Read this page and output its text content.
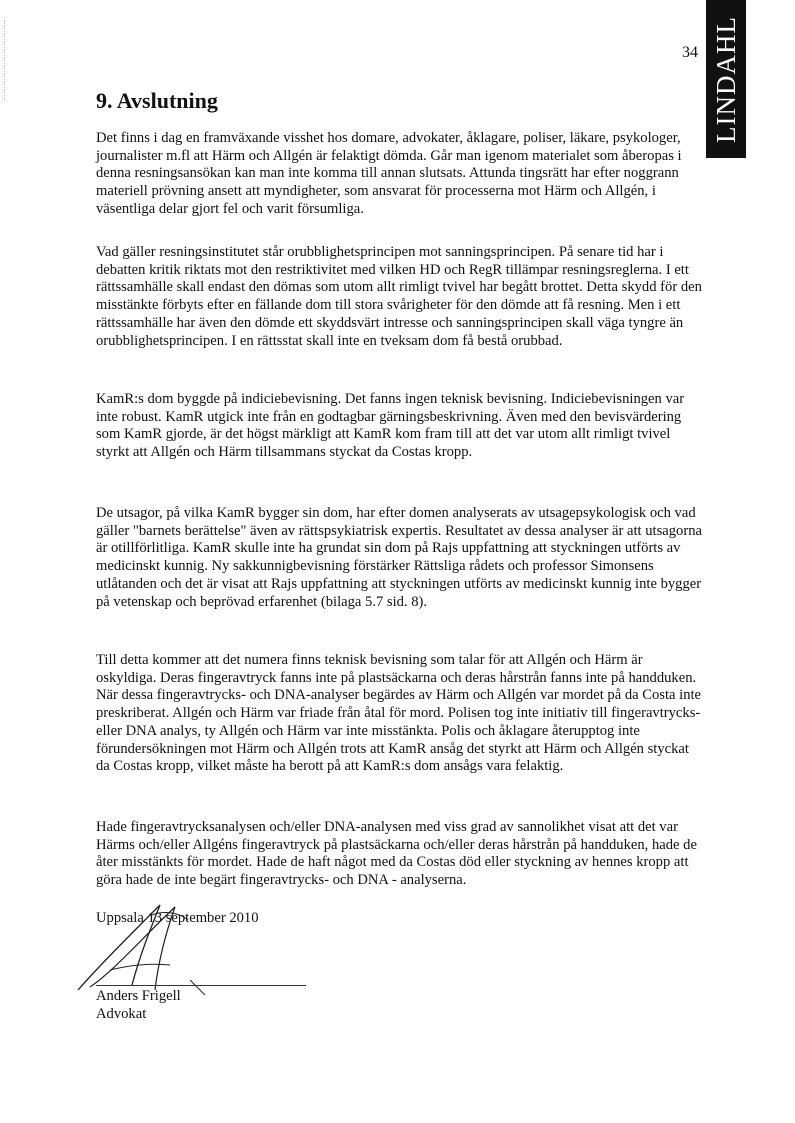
LINDAHL
34
9. Avslutning

Det finns i dag en framväxande visshet hos domare, advokater, åklagare, poliser, läkare, psykologer, journalister m.fl att Härm och Allgén är felaktigt dömda. Går man igenom materialet som åberopas i denna resningsansökan kan man inte komma till annan slutsats. Attunda tingsrätt har efter noggrann materiell prövning ansett att myndigheter, som ansvarat för processerna mot Härm och Allgén, i väsentliga delar gjort fel och varit försumliga.

Vad gäller resningsinstitutet står orubblighetsprincipen mot sanningsprincipen. På senare tid har i debatten kritik riktats mot den restriktivitet med vilken HD och RegR tillämpar resningsreglerna. I ett rättssamhälle skall endast den dömas som utom allt rimligt tvivel har begått brottet. Detta skydd för den misstänkte förbyts efter en fällande dom till stora svårigheter för den dömde att få resning. Men i ett rättssamhälle har även den dömde ett skyddsvärt intresse och sanningsprincipen skall väga tyngre än orubblighetsprincipen. I en rättsstat skall inte en tveksam dom få bestå orubbad.

KamR:s dom byggde på indiciebevisning. Det fanns ingen teknisk bevisning. Indiciebevisningen var inte robust. KamR utgick inte från en godtagbar gärningsbeskrivning. Även med den bevisvärdering som KamR gjorde, är det högst märkligt att KamR kom fram till att det var utom allt rimligt tvivel styrkt att Allgén och Härm tillsammans styckat da Costas kropp.

De utsagor, på vilka KamR bygger sin dom, har efter domen analyserats av utsagepsykologisk och vad gäller "barnets berättelse" även av rättspsykiatrisk expertis. Resultatet av dessa analyser är att utsagorna är otillförlitliga. KamR skulle inte ha grundat sin dom på Rajs uppfattning att styckningen utförts av medicinskt kunnig. Ny sakkunnigbevisning förstärker Rättsliga rådets och professor Simonsens utlåtanden och det är visat att Rajs uppfattning att styckningen utförts av medicinskt kunnig inte bygger på vetenskap och beprövad erfarenhet (bilaga 5.7 sid. 8).

Till detta kommer att det numera finns teknisk bevisning som talar för att Allgén och Härm är oskyldiga. Deras fingeravtryck fanns inte på plastsäckarna och deras hårstrån fanns inte på handduken. När dessa fingeravtrycks- och DNA-analyser begärdes av Härm och Allgén var mordet på da Costa inte preskriberat. Allgén och Härm var friade från åtal för mord. Polisen tog inte initiativ till fingeravtrycks- eller DNA analys, ty Allgén och Härm var inte misstänkta. Polis och åklagare återupptog inte förundersökningen mot Härm och Allgén trots att KamR ansåg det styrkt att Härm och Allgén styckat da Costas kropp, vilket måste ha berott på att KamR:s dom ansågs vara felaktig.

Hade fingeravtrycksanalysen och/eller DNA-analysen med viss grad av sannolikhet visat att det var Härms och/eller Allgéns fingeravtryck på plastsäckarna och/eller deras hårstrån på handduken, hade de åter misstänkts för mordet. Hade de haft något med da Costas död eller styckning av hennes kropp att göra hade de inte begärt fingeravtrycks- och DNA - analyserna.

Uppsala 13 september 2010
Anders Frigell
Advokat
